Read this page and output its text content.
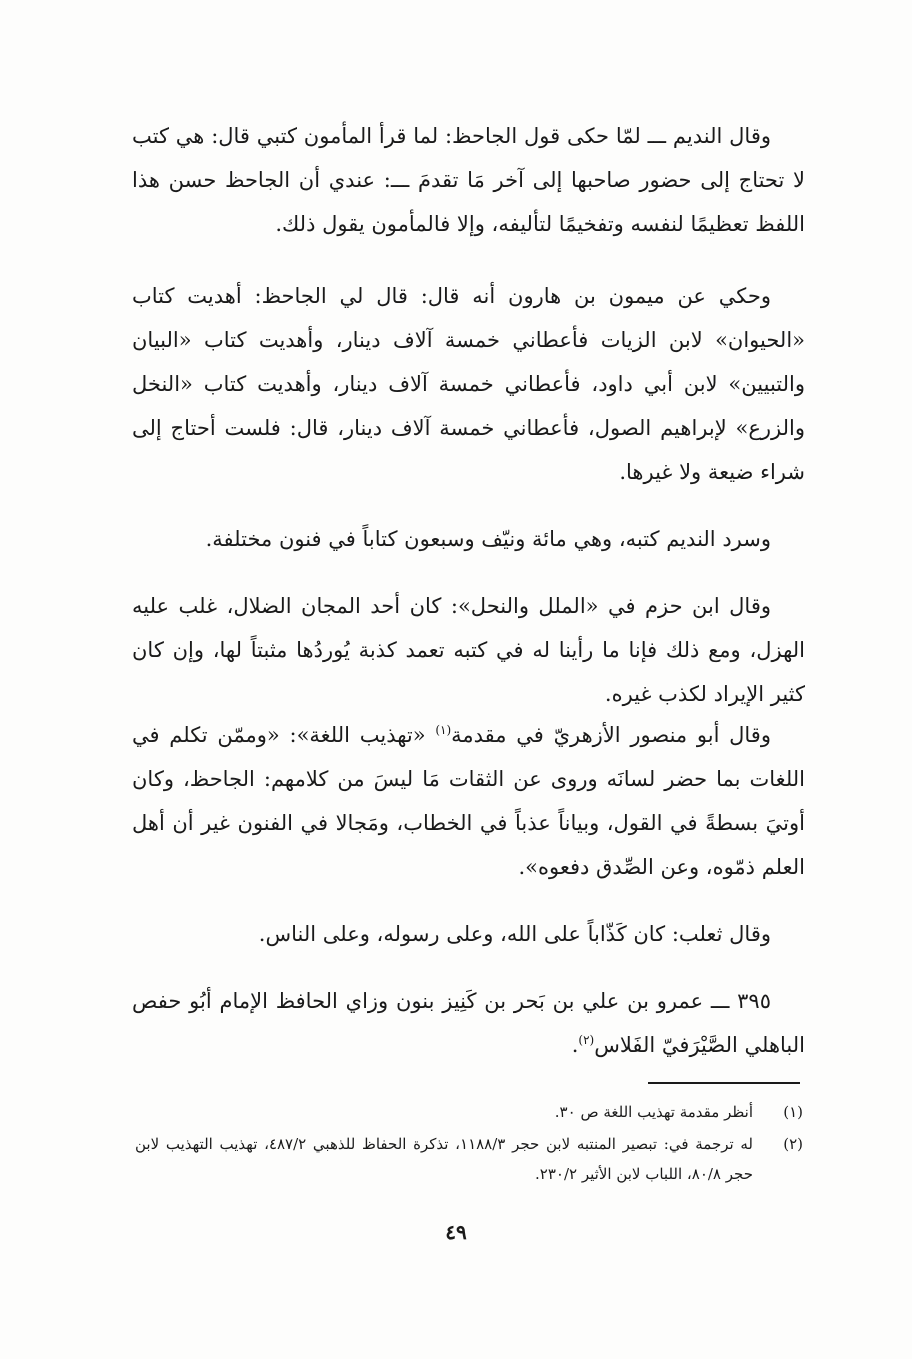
وقال النديم ـــ لمّا حكى قول الجاحظ: لما قرأ المأمون كتبي قال: هي كتب لا تحتاج إلى حضور صاحبها إلى آخر مَا تقدمَ ـــ: عندي أن الجاحظ حسن هذا اللفظ تعظيمًا لنفسه وتفخيمًا لتأليفه، وإلا فالمأمون يقول ذلك.

وحكي عن ميمون بن هارون أنه قال: قال لي الجاحظ: أهديت كتاب «الحيوان» لابن الزيات فأعطاني خمسة آلاف دينار، وأهديت كتاب «البيان والتبيين» لابن أبي داود، فأعطاني خمسة آلاف دينار، وأهديت كتاب «النخل والزرع» لإبراهيم الصول، فأعطاني خمسة آلاف دينار، قال: فلست أحتاج إلى شراء ضيعة ولا غيرها.

وسرد النديم كتبه، وهي مائة ونيّف وسبعون كتاباً في فنون مختلفة.

وقال ابن حزم في «الملل والنحل»: كان أحد المجان الضلال، غلب عليه الهزل، ومع ذلك فإنا ما رأينا له في كتبه تعمد كذبة يُوردُها مثبتاً لها، وإن كان كثير الإيراد لكذب غيره.

وقال أبو منصور الأزهريّ في مقدمة$^{(١)}$ «تهذيب اللغة»: «وممّن تكلم في اللغات بما حضر لسانَه وروى عن الثقات مَا ليسَ من كلامهم: الجاحظ، وكان أوتيَ بسطةً في القول، وبياناً عذباً في الخطاب، ومَجالا في الفنون غير أن أهل العلم ذمّوه، وعن الصِّدق دفعوه».

وقال ثعلب: كان كَذّاباً على الله، وعلى رسوله، وعلى الناس.

٣٩٥ ـــ عمرو بن علي بن بَحر بن كَنِيز بنون وزاي الحافظ الإمام أبُو حفص الباهلي الصَّيْرَفيّ الفَلاس$^{(٢)}$.

(١)
أنظر مقدمة تهذيب اللغة ص ٣٠.
(٢)
له ترجمة في: تبصير المنتبه لابن حجر ١١٨٨/٣، تذكرة الحفاظ للذهبي ٤٨٧/٢، تهذيب التهذيب لابن حجر ٨٠/٨، اللباب لابن الأثير ٢٣٠/٢.
٤٩
